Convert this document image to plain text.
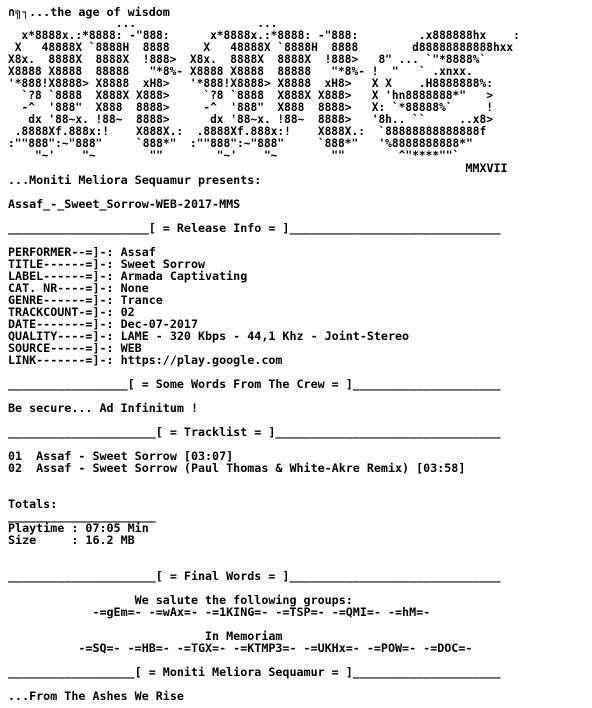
∩╗┐...the age of wisdom
...                  ...
x*8888x.:*8888: -"888:      x*8888x.:*8888: -"888:         .x888888hx    :
X   48888X `8888H  8888     X   48888X `8888H  8888        d88888888888hxx
X8x.  8888X  8888X  !888>  X8x.  8888X  8888X  !888>   8" ... `"*8888%`
X8888 X8888  88888   "*8%- X8888 X8888  88888   "*8%- !  "   ` .xnxx.
'*888!X8888> X8888  xH8>   '*888!X8888> X8888  xH8>   X X    .H8888888%:
`?8 `8888  X888X X888>     `?8 `8888  X888X X888>   X 'hn8888888*"   >
-^  '888"  X888  8888>     -^  '888"  X888  8888>   X: `*88888%`     !
dx '88~x. !88~  8888>      dx '88~x. !88~  8888>   '8h.. ``     ..x8>
.8888Xf.888x:!    X888X.:  .8888Xf.888x:!    X888X.:  `88888888888888f
:""888":~"888"     `888*"  :""888":~"888"     `888*"   '%8888888888*"
"~'    "~        ""        "~'    "~        ""        ^"****""`
MMXVII
...Moniti Meliora Sequamur presents:
Assaf_-_Sweet_Sorrow-WEB-2017-MMS
____________________[ = Release Info = ]______________________________
PERFORMER--=]-: Assaf
TITLE------=]-: Sweet Sorrow
LABEL------=]-: Armada Captivating
CAT. NR----=]-: None
GENRE------=]-: Trance
TRACKCOUNT-=]-: 02
DATE-------=]-: Dec-07-2017
QUALITY----=]-: LAME - 320 Kbps - 44,1 Khz - Joint-Stereo
SOURCE-----=]-: WEB
LINK-------=]-: https://play.google.com
_________________[ = Some Words From The Crew = ]_____________________
Be secure... Ad Infinitum !
_____________________[ = Tracklist = ]________________________________
01  Assaf - Sweet Sorrow [03:07]
02  Assaf - Sweet Sorrow (Paul Thomas & White-Akre Remix) [03:58]
Totals:
_____________________
Playtime : 07:05 Min
Size     : 16.2 MB
_____________________[ = Final Words = ]______________________________
We salute the following groups:
-=gEm=- -=wAx=- -=1KING=- -=TSP=- -=QMI=- -=hM=-
In Memoriam
-=SQ=- -=HB=- -=TGX=- -=KTMP3=- -=UKHx=- -=POW=- -=DOC=-
__________________[ = Moniti Meliora Sequamur = ]_____________________
...From The Ashes We Rise
